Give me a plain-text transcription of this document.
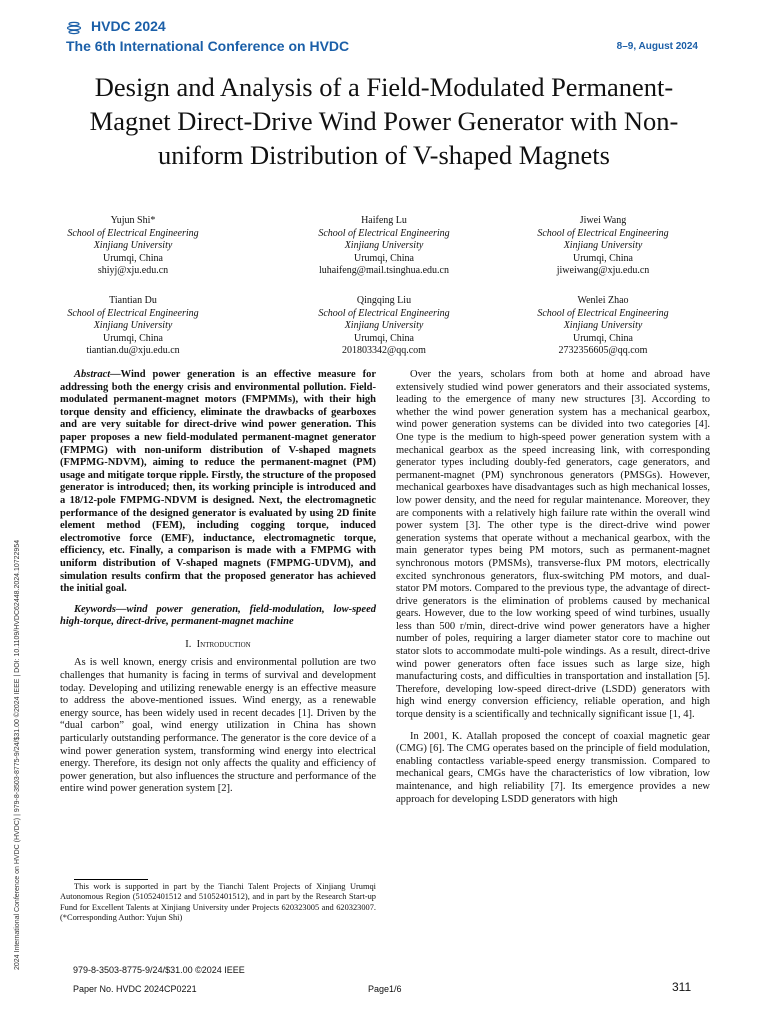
HVDC 2024
The 6th International Conference on HVDC	8–9, August 2024
2024 International Conference on HVDC (HVDC) | 979-8-3503-8775-9/24/$31.00 ©2024 IEEE | DOI: 10.1109/HVDC62448.2024.10722954
Design and Analysis of a Field-Modulated Permanent-Magnet Direct-Drive Wind Power Generator with Non-uniform Distribution of V-shaped Magnets
Yujun Shi*
School of Electrical Engineering
Xinjiang University
Urumqi, China
shiyj@xju.edu.cn
Haifeng Lu
School of Electrical Engineering
Xinjiang University
Urumqi, China
luhaifeng@mail.tsinghua.edu.cn
Jiwei Wang
School of Electrical Engineering
Xinjiang University
Urumqi, China
jiweiwang@xju.edu.cn
Tiantian Du
School of Electrical Engineering
Xinjiang University
Urumqi, China
tiantian.du@xju.edu.cn
Qingqing Liu
School of Electrical Engineering
Xinjiang University
Urumqi, China
201803342@qq.com
Wenlei Zhao
School of Electrical Engineering
Xinjiang University
Urumqi, China
2732356605@qq.com

Abstract—Wind power generation is an effective measure for addressing both the energy crisis and environmental pollution. Field-modulated permanent-magnet motors (FMPMMs), with their high torque density and efficiency, eliminate the drawbacks of gearboxes and are very suitable for direct-drive wind power generation. This paper proposes a new field-modulated permanent-magnet generator (FMPMG) with non-uniform distribution of V-shaped magnets (FMPMG-NDVM), aiming to reduce the permanent-magnet (PM) usage and mitigate torque ripple. Firstly, the structure of the proposed generator is introduced; then, its working principle is introduced and a 18/12-pole FMPMG-NDVM is designed. Next, the electromagnetic performance of the designed generator is evaluated by using 2D finite element method (FEM), including cogging torque, induced electromotive force (EMF), inductance, electromagnetic torque, efficiency, etc. Finally, a comparison is made with a FMPMG with uniform distribution of V-shaped magnets (FMPMG-UDVM), and simulation results confirm that the proposed generator has achieved the initial goal.

Keywords—wind power generation, field-modulation, low-speed high-torque, direct-drive, permanent-magnet machine

I. Introduction

As is well known, energy crisis and environmental pollution are two challenges that humanity is facing in terms of survival and development today. Developing and utilizing renewable energy is an effective measure to address the above-mentioned issues. Wind energy, as a renewable energy source, has been widely used in recent decades [1]. Driven by the “dual carbon” goal, wind energy utilization in China has shown particularly outstanding performance. The generator is the core device of a wind power generation system, transforming wind energy into electrical energy. Therefore, its design not only affects the quality and efficiency of power generation, but also influences the structure and performance of the entire wind power generation system [2].

This work is supported in part by the Tianchi Talent Projects of Xinjiang Urumqi Autonomous Region (51052401512 and 51052401512), and in part by the Research Start-up Fund for Excellent Talents at Xinjiang University under Projects 620323005 and 620323007. (*Corresponding Author: Yujun Shi)

Over the years, scholars from both at home and abroad have extensively studied wind power generators and their associated systems, leading to the emergence of many new structures [3]. According to whether the wind power generation system has a mechanical gearbox, wind power generation systems can be divided into two categories [4]. One type is the medium to high-speed power generation system with a mechanical gearbox as the speed increasing link, with corresponding generator types including doubly-fed generators, cage generators, and permanent-magnet (PM) synchronous generators (PMSGs). However, mechanical gearboxes have disadvantages such as high mechanical losses, low power density, and the need for regular maintenance. Moreover, they are components with a relatively high failure rate within the overall wind power system [3]. The other type is the direct-drive wind power generation systems that operate without a mechanical gearbox, with the main generator types being PM motors, such as permanent-magnet synchronous motors (PMSMs), transverse-flux PM motors, electrically excited synchronous generators, flux-switching PM motors, and dual-stator PM motors. Compared to the previous type, the advantage of direct-drive generators is the elimination of problems caused by mechanical gears. However, due to the low working speed of wind turbines, usually less than 500 r/min, direct-drive wind power generators have a higher number of poles, requiring a larger diameter stator core to machine out stator slots to accommodate multi-pole windings. As a result, direct-drive wind power generators often face issues such as large size, high manufacturing costs, and difficulties in transportation and installation [5]. Therefore, developing low-speed direct-drive (LSDD) generators with high wind energy conversion efficiency, reliable operation, and high torque density is a scientifically and technically significant issue [1, 4].

In 2001, K. Atallah proposed the concept of coaxial magnetic gear (CMG) [6]. The CMG operates based on the principle of field modulation, enabling contactless variable-speed energy transmission. Compared to mechanical gears, CMGs have the characteristics of low vibration, low maintenance, and high reliability [7]. Its emergence provides a new approach for developing LSDD generators with high

979-8-3503-8775-9/24/$31.00 ©2024 IEEE
Paper No. HVDC 2024CP0221	Page1/6	311
